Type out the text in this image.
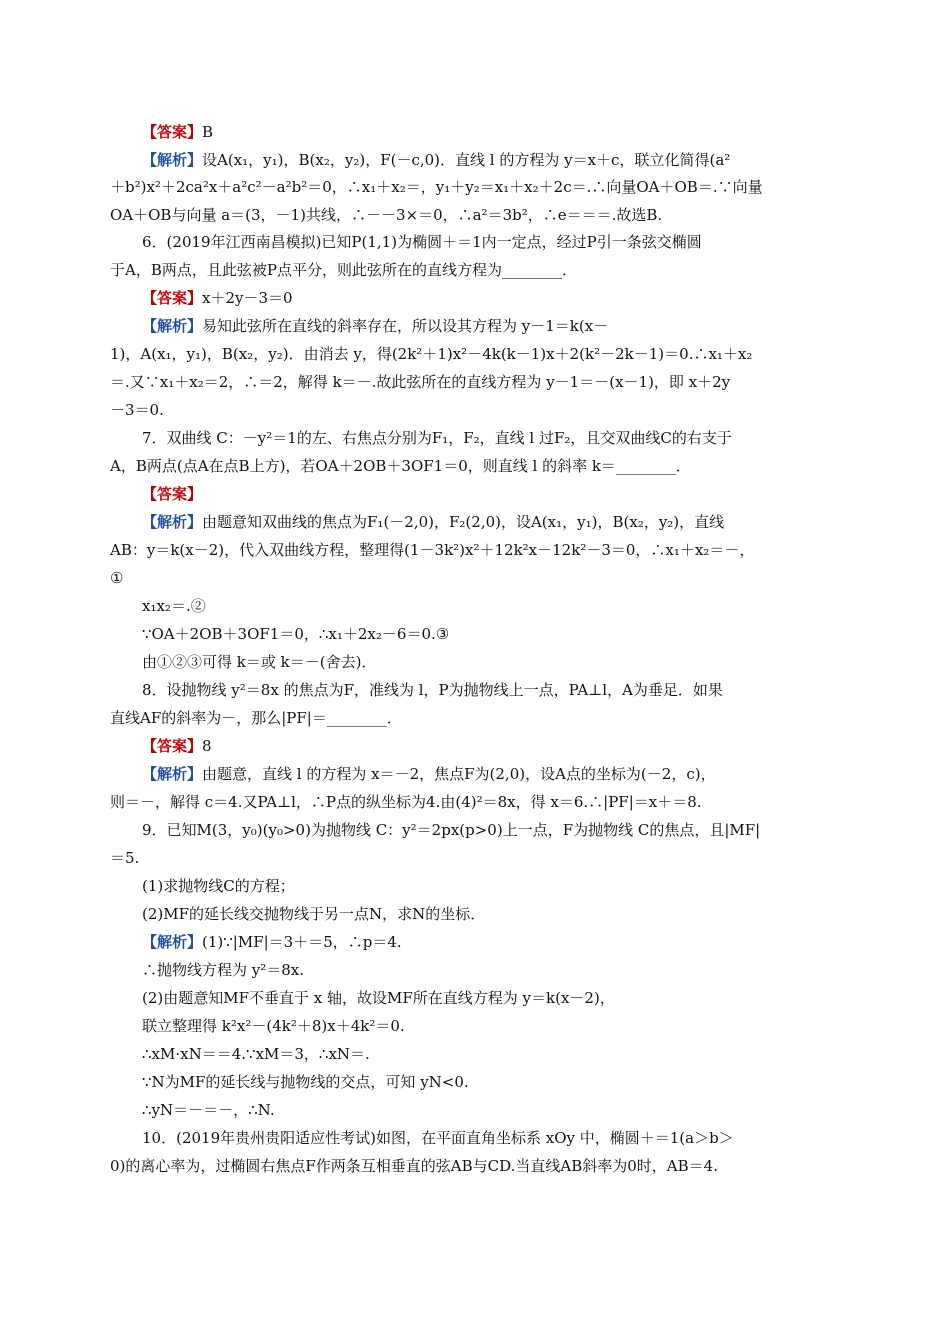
【答案】B
【解析】设A(x₁，y₁)，B(x₂，y₂)，F(－c,0)．直线 l 的方程为 y＝x＋c，联立化简得(a²
＋b²)x²＋2ca²x＋a²c²－a²b²＝0，∴x₁＋x₂＝，y₁＋y₂＝x₁＋x₂＋2c＝.∴向量OA＋OB＝.∵向量
OA＋OB与向量 a＝(3，－1)共线，∴－－3×＝0，∴a²＝3b²，∴e＝＝＝.故选B.
6．(2019年江西南昌模拟)已知P(1,1)为椭圆＋＝1内一定点，经过P引一条弦交椭圆
于A，B两点，且此弦被P点平分，则此弦所在的直线方程为________．
【答案】x＋2y－3＝0
【解析】易知此弦所在直线的斜率存在，所以设其方程为 y－1＝k(x－
1)，A(x₁，y₁)，B(x₂，y₂)．由消去 y，得(2k²＋1)x²－4k(k－1)x＋2(k²－2k－1)＝0.∴x₁＋x₂
＝.又∵x₁＋x₂＝2，∴＝2，解得 k＝－.故此弦所在的直线方程为 y－1＝－(x－1)，即 x＋2y
－3＝0.
7．双曲线 C：－y²＝1的左、右焦点分别为F₁，F₂，直线 l 过F₂，且交双曲线C的右支于
A，B两点(点A在点B上方)，若OA＋2OB＋3OF1＝0，则直线 l 的斜率 k＝________．
【答案】
【解析】由题意知双曲线的焦点为F₁(－2,0)，F₂(2,0)，设A(x₁，y₁)，B(x₂，y₂)，直线
AB：y＝k(x－2)，代入双曲线方程，整理得(1－3k²)x²＋12k²x－12k²－3＝0，∴x₁＋x₂＝－，
①
x₁x₂＝.②
∵OA＋2OB＋3OF1＝0，∴x₁＋2x₂－6＝0.③
由①②③可得 k＝或 k＝－(舍去)．
8．设抛物线 y²＝8x 的焦点为F，准线为 l，P为抛物线上一点，PA⊥l，A为垂足．如果
直线AF的斜率为－，那么|PF|＝________．
【答案】8
【解析】由题意，直线 l 的方程为 x＝－2，焦点F为(2,0)，设A点的坐标为(－2，c)，
则＝－，解得 c＝4.又PA⊥l，∴P点的纵坐标为4.由(4)²＝8x，得 x＝6.∴|PF|＝x＋＝8.
9．已知M(3，y₀)(y₀>0)为抛物线 C：y²＝2px(p>0)上一点，F为抛物线 C的焦点，且|MF|
＝5.
(1)求抛物线C的方程；
(2)MF的延长线交抛物线于另一点N，求N的坐标．
【解析】(1)∵|MF|＝3＋＝5，∴p＝4.
∴抛物线方程为 y²＝8x.
(2)由题意知MF不垂直于 x 轴，故设MF所在直线方程为 y＝k(x－2)，
联立整理得 k²x²－(4k²＋8)x＋4k²＝0.
∴xM·xN＝＝4.∵xM＝3，∴xN＝.
∵N为MF的延长线与抛物线的交点，可知 yN<0.
∴yN＝－＝－，∴N.
10．(2019年贵州贵阳适应性考试)如图，在平面直角坐标系 xOy 中，椭圆＋＝1(a＞b＞
0)的离心率为，过椭圆右焦点F作两条互相垂直的弦AB与CD.当直线AB斜率为0时，AB＝4.
